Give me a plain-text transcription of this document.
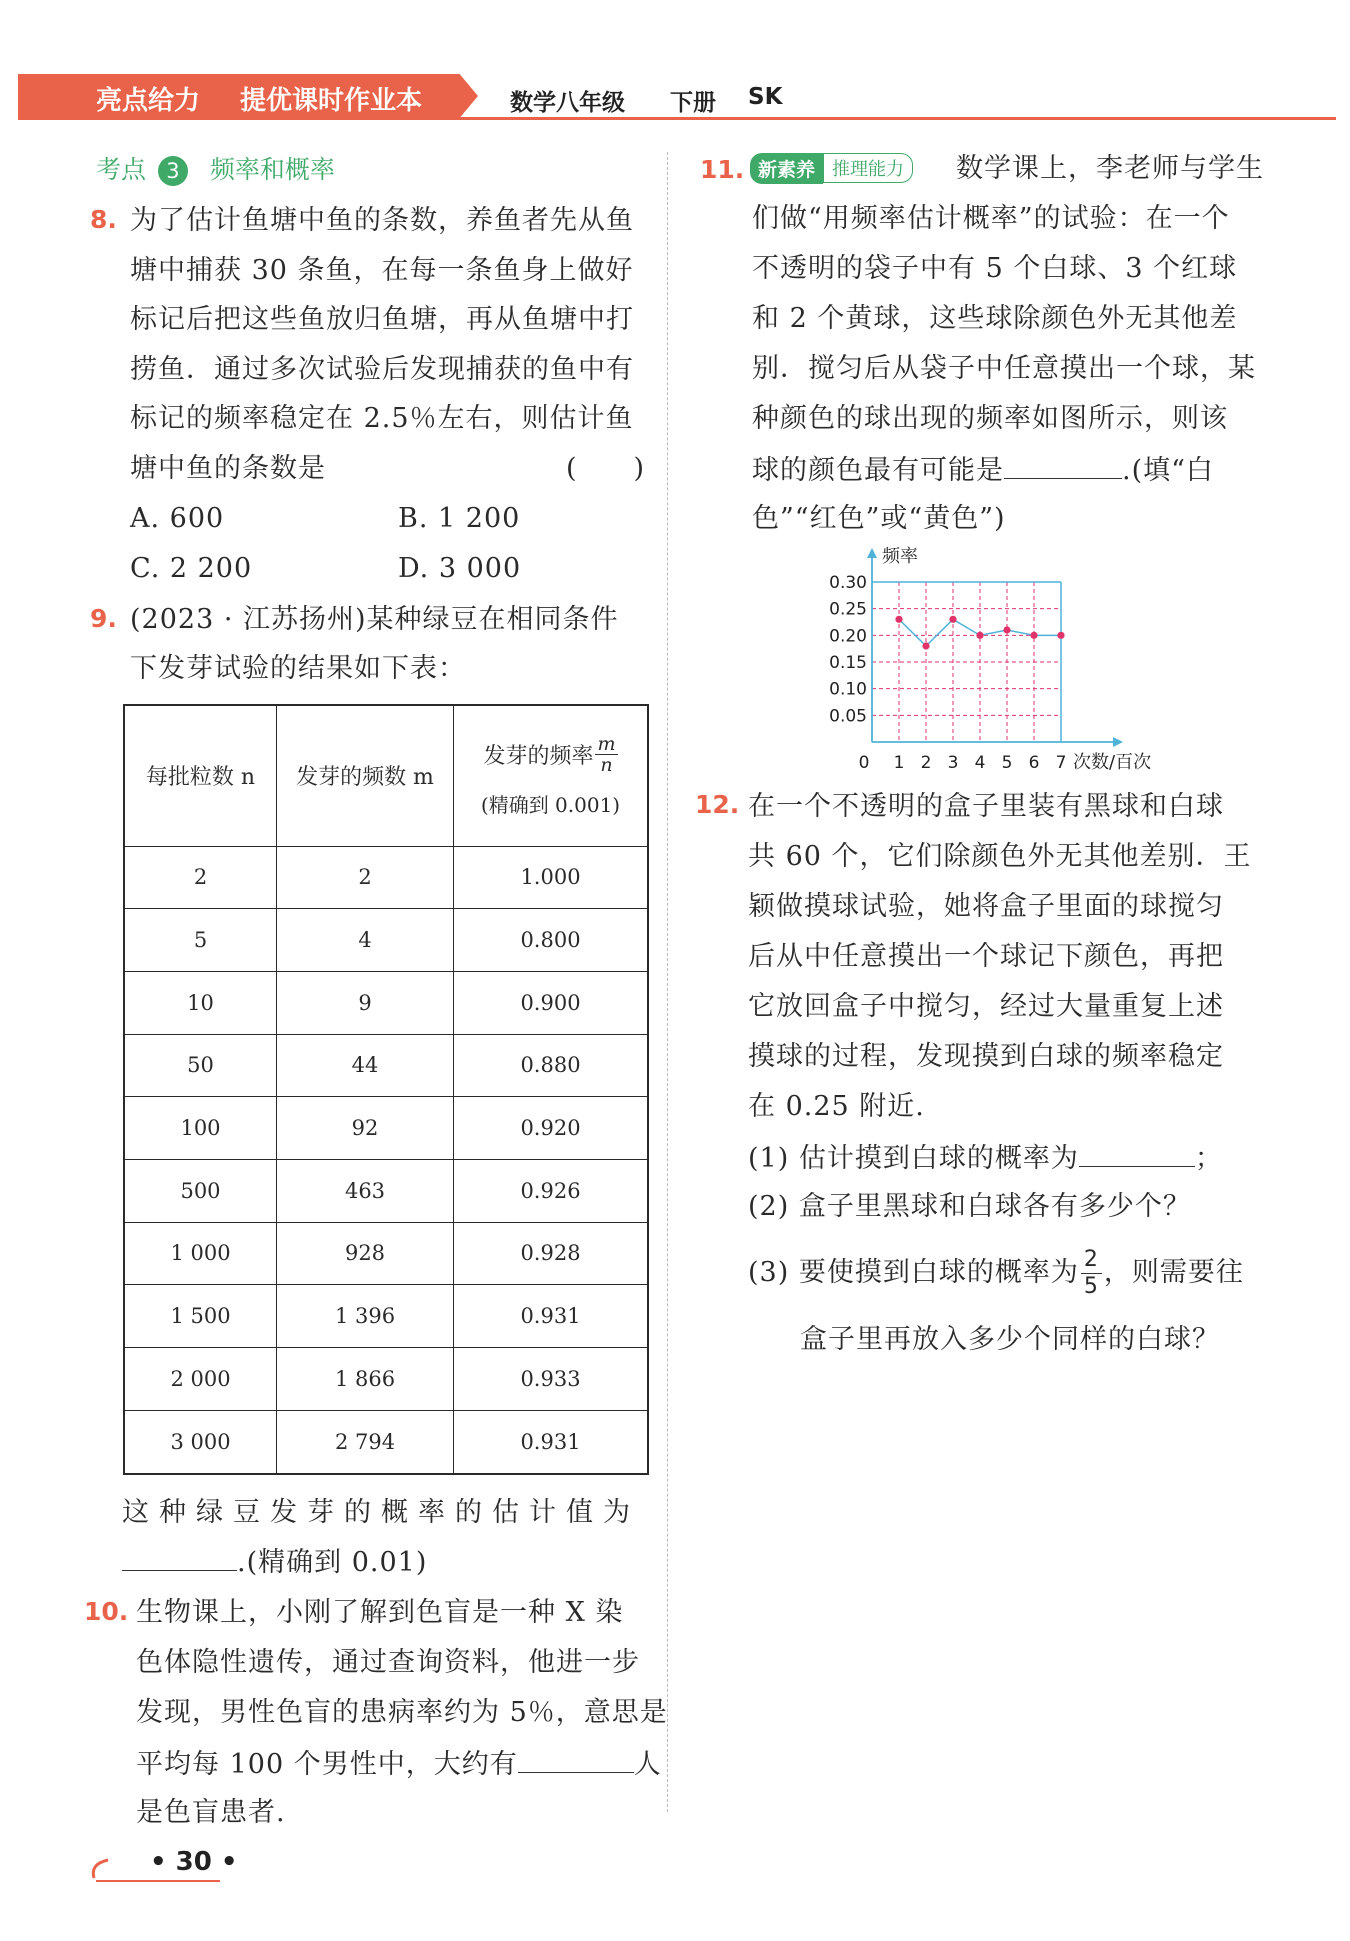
亮点给力 提优课时作业本	数学八年级 下册 SK
考点 3 频率和概率
8. 为了估计鱼塘中鱼的条数，养鱼者先从鱼
塘中捕获 30 条鱼，在每一条鱼身上做好
标记后把这些鱼放归鱼塘，再从鱼塘中打
捞鱼．通过多次试验后发现捕获的鱼中有
标记的频率稳定在 2.5％左右，则估计鱼
塘中鱼的条数是	(　　)
A. 600	B. 1 200
C. 2 200	D. 3 000
9. (2023 · 江苏扬州)某种绿豆在相同条件
下发芽试验的结果如下表：
每批粒数 n	发芽的频数 m	发芽的频率 $\frac{m}{n}$
(精确到 0.001)

2	2	1.000
5	4	0.800
10	9	0.900
50	44	0.880
100	92	0.920
500	463	0.926
1 000	928	0.928
1 500	1 396	0.931
2 000	1 866	0.933
3 000	2 794	0.931
这种绿豆发芽的概率的估计值为
.(精确到 0.01)
10. 生物课上，小刚了解到色盲是一种 X 染
色体隐性遗传，通过查询资料，他进一步
发现，男性色盲的患病率约为 5％，意思是
平均每 100 个男性中，大约有	人
是色盲患者.
• 30 •
11. 新素养 推理能力	数学课上，李老师与学生
们做“用频率估计概率”的试验：在一个
不透明的袋子中有 5 个白球、3 个红球
和 2 个黄球，这些球除颜色外无其他差
别．搅匀后从袋子中任意摸出一个球，某
种颜色的球出现的频率如图所示，则该
球的颜色最有可能是	.(填“白
色”“红色”或“黄色”)
0.05
0.10
0.15
0.20
0.25
0.30
0 1 2 3 4 5 6 7
频率
次数/百次
12. 在一个不透明的盒子里装有黑球和白球
共 60 个，它们除颜色外无其他差别．王
颖做摸球试验，她将盒子里面的球搅匀
后从中任意摸出一个球记下颜色，再把
它放回盒子中搅匀，经过大量重复上述
摸球的过程，发现摸到白球的频率稳定
在 0.25 附近.
(1) 估计摸到白球的概率为	；
(2) 盒子里黑球和白球各有多少个？
(3) 要使摸到白球的概率为 $\frac{2}{5}$ ，则需要往
盒子里再放入多少个同样的白球？
